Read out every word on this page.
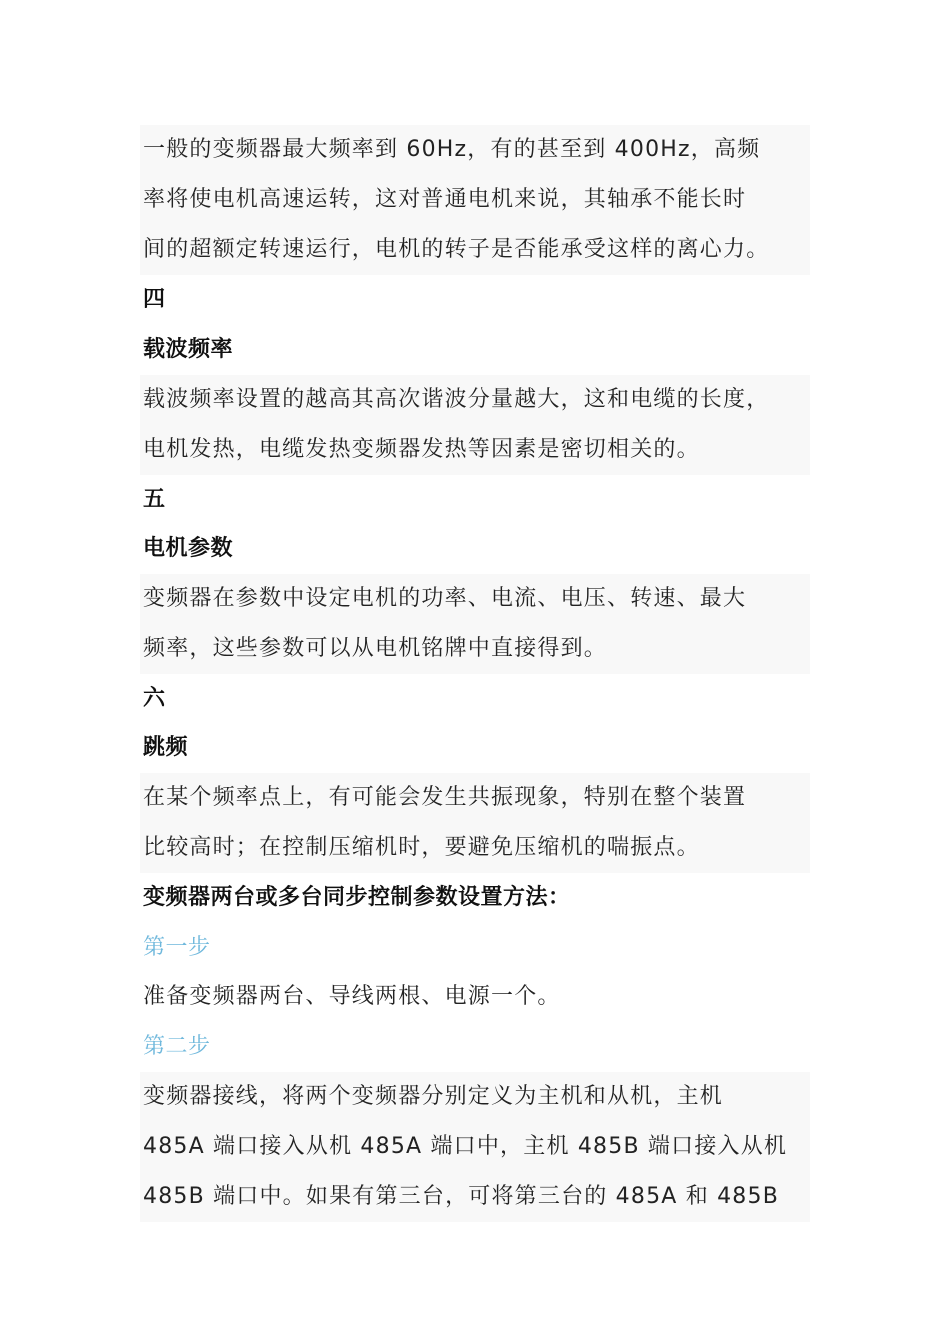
一般的变频器最大频率到 60Hz，有的甚至到 400Hz，高频
率将使电机高速运转，这对普通电机来说，其轴承不能长时
间的超额定转速运行，电机的转子是否能承受这样的离心力。
四
载波频率
载波频率设置的越高其高次谐波分量越大，这和电缆的长度，
电机发热，电缆发热变频器发热等因素是密切相关的。
五
电机参数
变频器在参数中设定电机的功率、电流、电压、转速、最大
频率，这些参数可以从电机铭牌中直接得到。
六
跳频
在某个频率点上，有可能会发生共振现象，特别在整个装置
比较高时；在控制压缩机时，要避免压缩机的喘振点。
变频器两台或多台同步控制参数设置方法：
第一步
准备变频器两台、导线两根、电源一个。
第二步
变频器接线，将两个变频器分别定义为主机和从机，主机
485A 端口接入从机 485A 端口中，主机 485B 端口接入从机
485B 端口中。如果有第三台，可将第三台的 485A 和 485B
